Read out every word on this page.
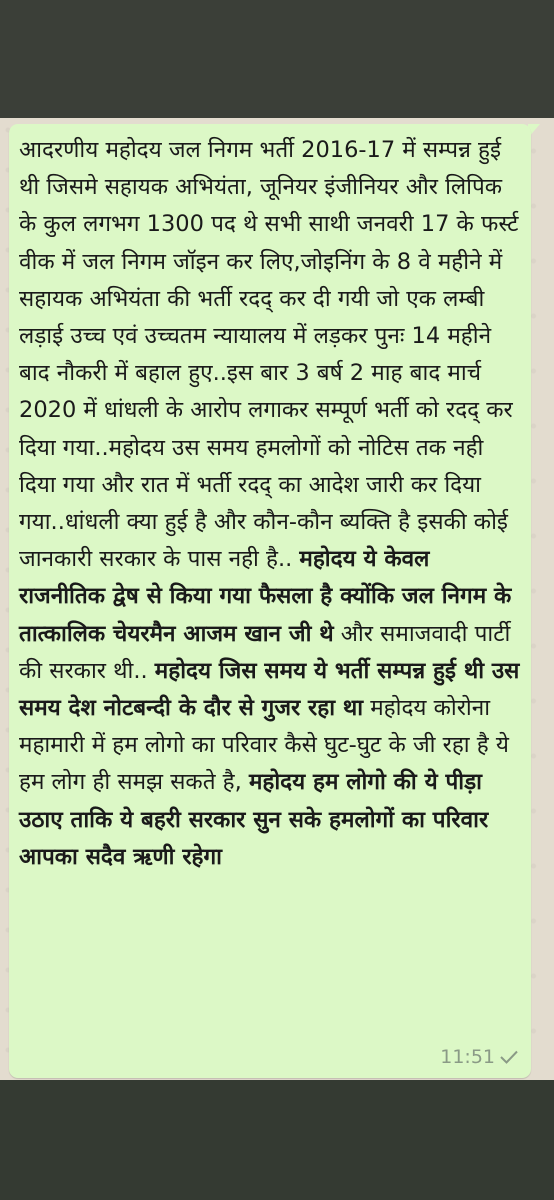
आदरणीय महोदय जल निगम भर्ती 2016-17 में सम्पन्न हुई थी जिसमे सहायक अभियंता, जूनियर इंजीनियर और लिपिक के कुल लगभग 1300 पद थे सभी साथी जनवरी 17 के फर्स्ट वीक में जल निगम जॉइन कर लिए,जोइनिंग के 8 वे महीने में सहायक अभियंता की भर्ती रदद् कर दी गयी जो एक लम्बी लड़ाई उच्च एवं उच्चतम न्यायालय में लड़कर पुनः 14 महीने बाद नौकरी में बहाल हुए..इस बार 3 बर्ष 2 माह बाद मार्च 2020 में धांधली के आरोप लगाकर सम्पूर्ण भर्ती को रदद् कर दिया गया..महोदय उस समय हमलोगों को नोटिस तक नही दिया गया और रात में भर्ती रदद् का आदेश जारी कर दिया गया..धांधली क्या हुई है और कौन-कौन ब्यक्ति है इसकी कोई जानकारी सरकार के पास नही है.. महोदय ये केवल राजनीतिक द्वेष से किया गया फैसला है क्योंकि जल निगम के तात्कालिक चेयरमैन आजम खान जी थे और समाजवादी पार्टी की सरकार थी.. महोदय जिस समय ये भर्ती सम्पन्न हुई थी उस समय देश नोटबन्दी के दौर से गुजर रहा था महोदय कोरोना महामारी में हम लोगो का परिवार कैसे घुट-घुट के जी रहा है ये हम लोग ही समझ सकते है, महोदय हम लोगो की ये पीड़ा उठाए ताकि ये बहरी सरकार सुन सके हमलोगों का परिवार आपका सदैव ऋणी रहेगा

11:51
